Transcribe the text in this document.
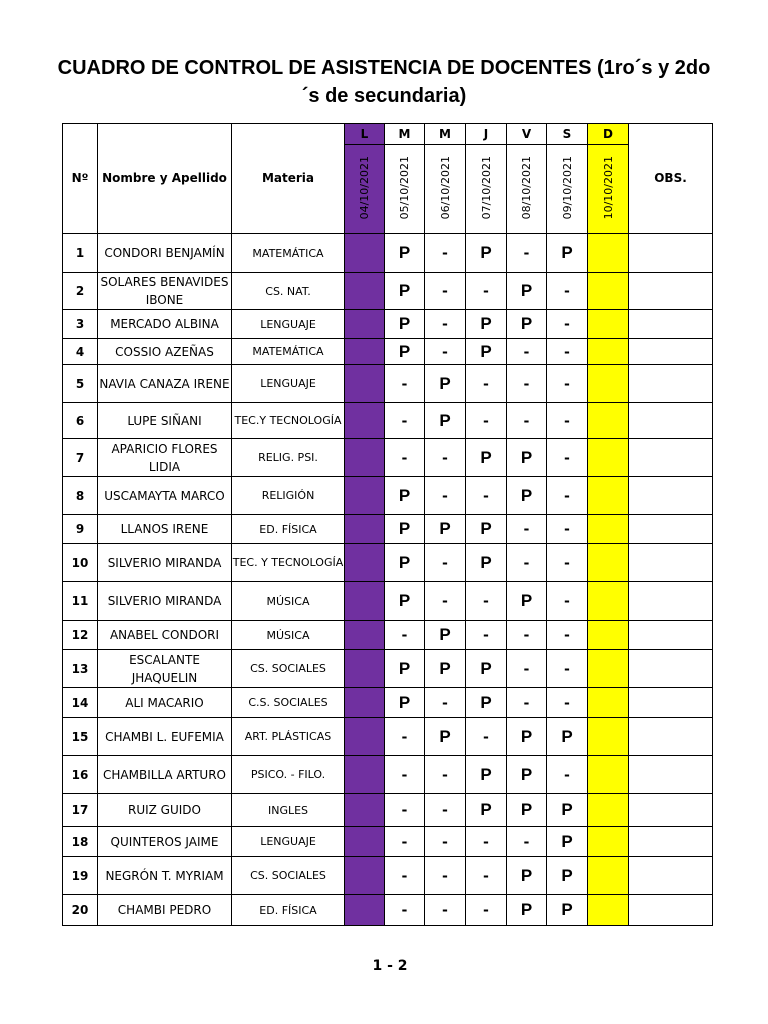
CUADRO DE CONTROL DE ASISTENCIA DE DOCENTES (1ro´s y 2do
´s de secundaria)
Nº	Nombre y Apellido	Materia	L	M	M	J	V	S	D	OBS.
			04/10/2021	05/10/2021	06/10/2021	07/10/2021	08/10/2021	09/10/2021	10/10/2021	
1	CONDORI BENJAMÍN	MATEMÁTICA		P	-	P	-	P		
2	SOLARES BENAVIDES IBONE	CS. NAT.		P	-	-	P	-		
3	MERCADO ALBINA	LENGUAJE		P	-	P	P	-		
4	COSSIO AZEÑAS	MATEMÁTICA		P	-	P	-	-		
5	NAVIA CANAZA IRENE	LENGUAJE		-	P	-	-	-		
6	LUPE SIÑANI	TEC.Y TECNOLOGÍA		-	P	-	-	-		
7	APARICIO FLORES LIDIA	RELIG. PSI.		-	-	P	P	-		
8	USCAMAYTA MARCO	RELIGIÓN		P	-	-	P	-		
9	LLANOS IRENE	ED. FÍSICA		P	P	P	-	-		
10	SILVERIO MIRANDA	TEC. Y TECNOLOGÍA		P	-	P	-	-		
11	SILVERIO MIRANDA	MÚSICA		P	-	-	P	-		
12	ANABEL CONDORI	MÚSICA		-	P	-	-	-		
13	ESCALANTE JHAQUELIN	CS. SOCIALES		P	P	P	-	-		
14	ALI MACARIO	C.S. SOCIALES		P	-	P	-	-		
15	CHAMBI L. EUFEMIA	ART. PLÁSTICAS		-	P	-	P	P		
16	CHAMBILLA ARTURO	PSICO. - FILO.		-	-	P	P	-		
17	RUIZ GUIDO	INGLES		-	-	P	P	P		
18	QUINTEROS JAIME	LENGUAJE		-	-	-	-	P		
19	NEGRÓN T. MYRIAM	CS. SOCIALES		-	-	-	P	P		
20	CHAMBI PEDRO	ED. FÍSICA		-	-	-	P	P		
1 - 2
